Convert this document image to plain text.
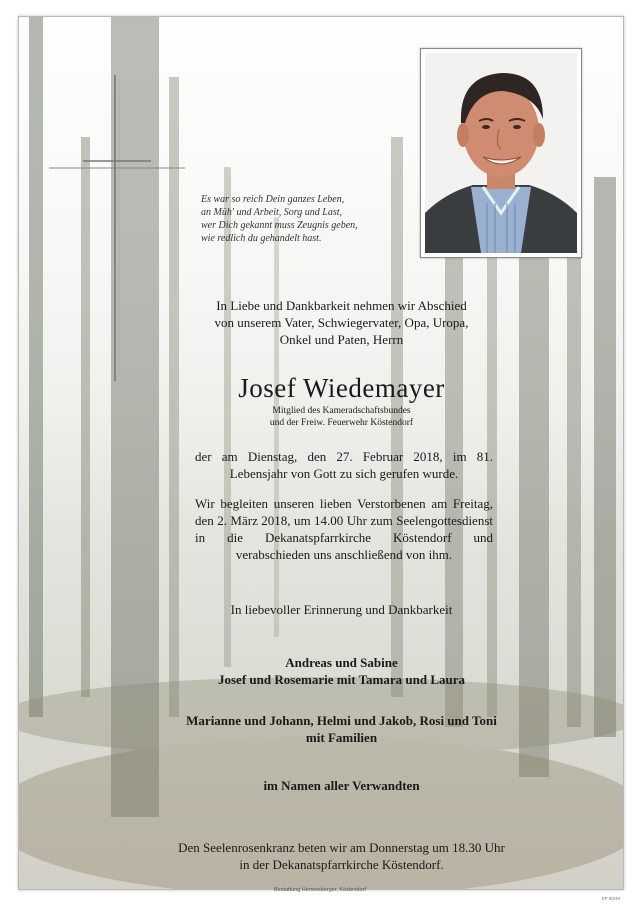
Es war so reich Dein ganzes Leben,
an Müh' und Arbeit, Sorg und Last,
wer Dich gekannt muss Zeugnis geben,
wie redlich du gehandelt hast.
In Liebe und Dankbarkeit nehmen wir Abschied
von unserem Vater, Schwiegervater, Opa, Uropa,
Onkel und Paten, Herrn
Josef Wiedemayer
Mitglied des Kameradschaftsbundes
und der Freiw. Feuerwehr Köstendorf
der am Dienstag, den 27. Februar 2018, im 81. Lebensjahr von Gott zu sich gerufen wurde.
Wir begleiten unseren lieben Verstorbenen am Freitag, den 2. März 2018, um 14.00 Uhr zum Seelengottesdienst in die Dekanatspfarrkirche Köstendorf und verabschieden uns anschließend von ihm.
In liebevoller Erinnerung und Dankbarkeit
Andreas und Sabine
Josef und Rosemarie mit Tamara und Laura
Marianne und Johann, Helmi und Jakob, Rosi und Toni
mit Familien
im Namen aller Verwandten
Den Seelenrosenkranz beten wir am Donnerstag um 18.30 Uhr
in der Dekanatspfarrkirche Köstendorf.
Bestattung Hemetsberger, Köstendorf
EP 90/49
